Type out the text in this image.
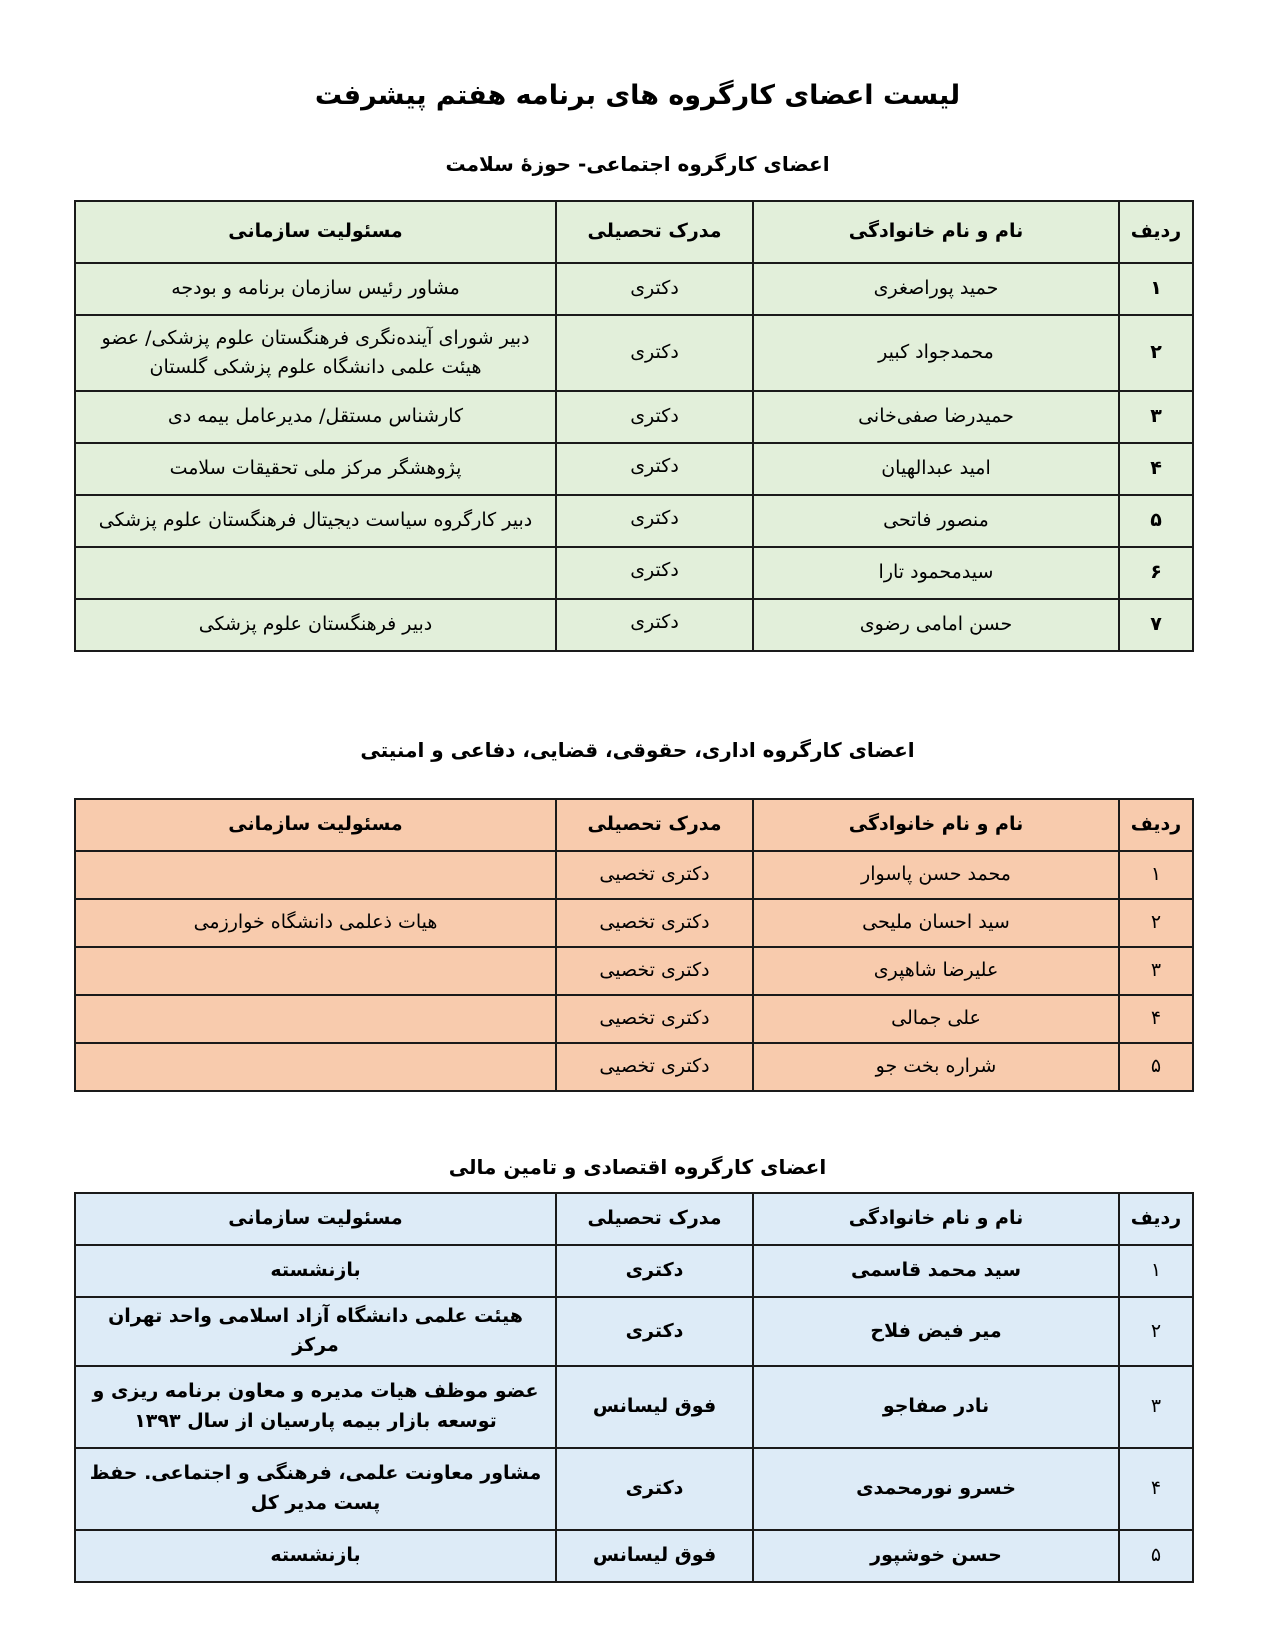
لیست اعضای کارگروه های برنامه هفتم پیشرفت
اعضای کارگروه اجتماعی- حوزۀ سلامت
ردیف	نام و نام خانوادگی	مدرک تحصیلی	مسئولیت سازمانی
۱	حمید پوراصغری	دکتری	مشاور رئیس سازمان برنامه و بودجه
۲	محمدجواد کبیر	دکتری	دبیر شورای آینده‌نگری فرهنگستان علوم پزشکی/ عضو هیئت علمی دانشگاه علوم پزشکی گلستان
۳	حمیدرضا صفی‌خانی	دکتری	کارشناس مستقل/ مدیرعامل بیمه دی
۴	امید عبدالهیان	دکتری	پژوهشگر مرکز ملی تحقیقات سلامت
۵	منصور فاتحی	دکتری	دبیر کارگروه سیاست دیجیتال فرهنگستان علوم پزشکی
۶	سیدمحمود تارا	دکتری	
۷	حسن امامی رضوی	دکتری	دبیر فرهنگستان علوم پزشکی
اعضای کارگروه اداری، حقوقی، قضایی، دفاعی و امنیتی
ردیف	نام و نام خانوادگی	مدرک تحصیلی	مسئولیت سازمانی
۱	محمد حسن پاسوار	دکتری تخصیی	
۲	سید احسان ملیحی	دکتری تخصیی	هیات ذعلمی دانشگاه خوارزمی
۳	علیرضا شاهپری	دکتری تخصیی	
۴	علی جمالی	دکتری تخصیی	
۵	شراره بخت جو	دکتری تخصیی	
اعضای کارگروه اقتصادی و تامین مالی
ردیف	نام و نام خانوادگی	مدرک تحصیلی	مسئولیت سازمانی
۱	سید محمد قاسمی	دکتری	بازنشسته
۲	میر فیض فلاح	دکتری	هیئت علمی دانشگاه آزاد اسلامی واحد تهران مرکز
۳	نادر صفاجو	فوق لیسانس	عضو موظف هیات مدیره و معاون برنامه ریزی و توسعه بازار بیمه پارسیان از سال ۱۳۹۳
۴	خسرو نورمحمدی	دکتری	مشاور معاونت علمی، فرهنگی و اجتماعی. حفظ پست مدیر کل
۵	حسن خوشپور	فوق لیسانس	بازنشسته
